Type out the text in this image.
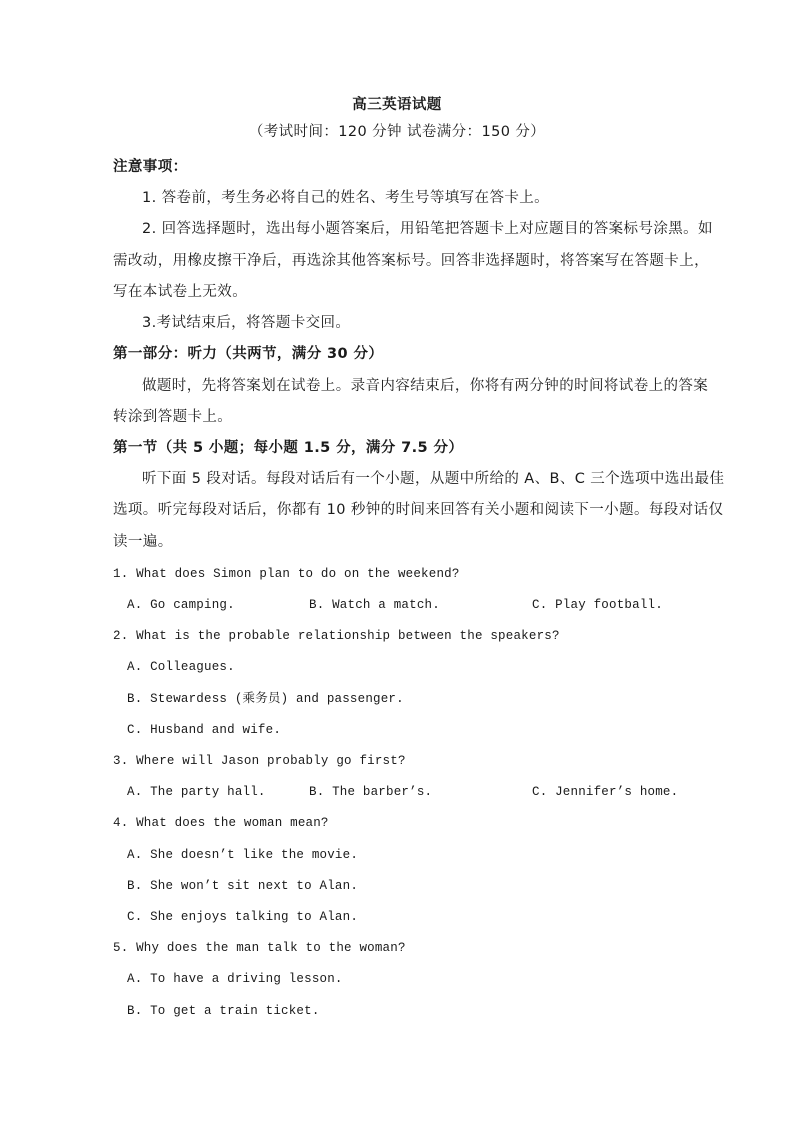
高三英语试题
（考试时间：120 分钟 试卷满分：150 分）
注意事项：
1. 答卷前，考生务必将自己的姓名、考生号等填写在答卡上。
2. 回答选择题时，选出每小题答案后，用铅笔把答题卡上对应题目的答案标号涂黑。如
需改动，用橡皮擦干净后，再选涂其他答案标号。回答非选择题时，将答案写在答题卡上，
写在本试卷上无效。
3.考试结束后，将答题卡交回。
第一部分：听力（共两节，满分 30 分）
做题时，先将答案划在试卷上。录音内容结束后，你将有两分钟的时间将试卷上的答案
转涂到答题卡上。
第一节（共 5 小题；每小题 1.5 分，满分 7.5 分）
听下面 5 段对话。每段对话后有一个小题，从题中所给的 A、B、C 三个选项中选出最佳
选项。听完每段对话后，你都有 10 秒钟的时间来回答有关小题和阅读下一小题。每段对话仅
读一遍。
1. What does Simon plan to do on the weekend?
A. Go camping.	B. Watch a match.	C. Play football.
2. What is the probable relationship between the speakers?
A. Colleagues.
B. Stewardess (乘务员) and passenger.
C. Husband and wife.
3. Where will Jason probably go first?
A. The party hall.	B. The barber’s.	C. Jennifer’s home.
4. What does the woman mean?
A. She doesn’t like the movie.
B. She won’t sit next to Alan.
C. She enjoys talking to Alan.
5. Why does the man talk to the woman?
A. To have a driving lesson.
B. To get a train ticket.
